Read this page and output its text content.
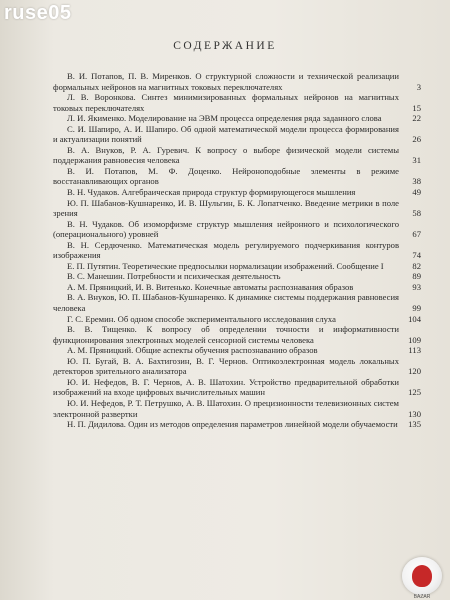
ruse05
СОДЕРЖАНИЕ
В. И. Потапов, П. В. Миренков. О структурной сложности и технической реализации формальных нейронов на магнитных токовых переключателях	3
Л. В. Воронкова. Синтез минимизированных формальных нейронов на магнитных токовых переключателях	15
Л. И. Якименко. Моделирование на ЭВМ процесса определения ряда заданного слова	22
С. И. Шапиро, А. И. Шапиро. Об одной математической модели процесса формирования и актуализации понятий	26
В. А. Внуков, Р. А. Гуревич. К вопросу о выборе физической модели системы поддержания равновесия человека	31
В. И. Потапов, М. Ф. Доценко. Нейроноподобные элементы в режиме восстанавливающих органов	38
В. Н. Чудаков. Алгебраическая природа структур формирующегося мышления	49
Ю. П. Шабанов-Кушнаренко, И. В. Шульгин, Б. К. Лопатченко. Введение метрики в поле зрения	58
В. Н. Чудаков. Об изоморфизме структур мышления нейронного и психологического (операционального) уровней	67
В. Н. Сердюченко. Математическая модель регулируемого подчеркивания контуров изображения	74
Е. П. Путятин. Теоретические предпосылки нормализации изображений. Сообщение I	82
В. С. Манешин. Потребности и психическая деятельность	89
А. М. Пряницкий, И. В. Витенько. Конечные автоматы распознавания образов	93
В. А. Внуков, Ю. П. Шабанов-Кушнаренко. К динамике системы поддержания равновесия человека	99
Г. С. Еремин. Об одном способе экспериментального исследования слуха	104
В. В. Тищенко. К вопросу об определении точности и информативности функционирования электронных моделей сенсорной системы человека	109
А. М. Пряницкий. Общие аспекты обучения распознаванию образов	113
Ю. П. Бугай, В. А. Бахтигозин, В. Г. Чернов. Оптикоэлектронная модель локальных детекторов зрительного анализатора	120
Ю. И. Нефедов, В. Г. Чернов, А. В. Шатохин. Устройство предварительной обработки изображений на входе цифровых вычислительных машин	125
Ю. И. Нефедов, Р. Т. Петрушко, А. В. Шатохин. О прецизионности телевизионных систем электронной развертки	130
Н. П. Дидилова. Один из методов определения параметров линейной модели обучаемости	135
BAZAR
